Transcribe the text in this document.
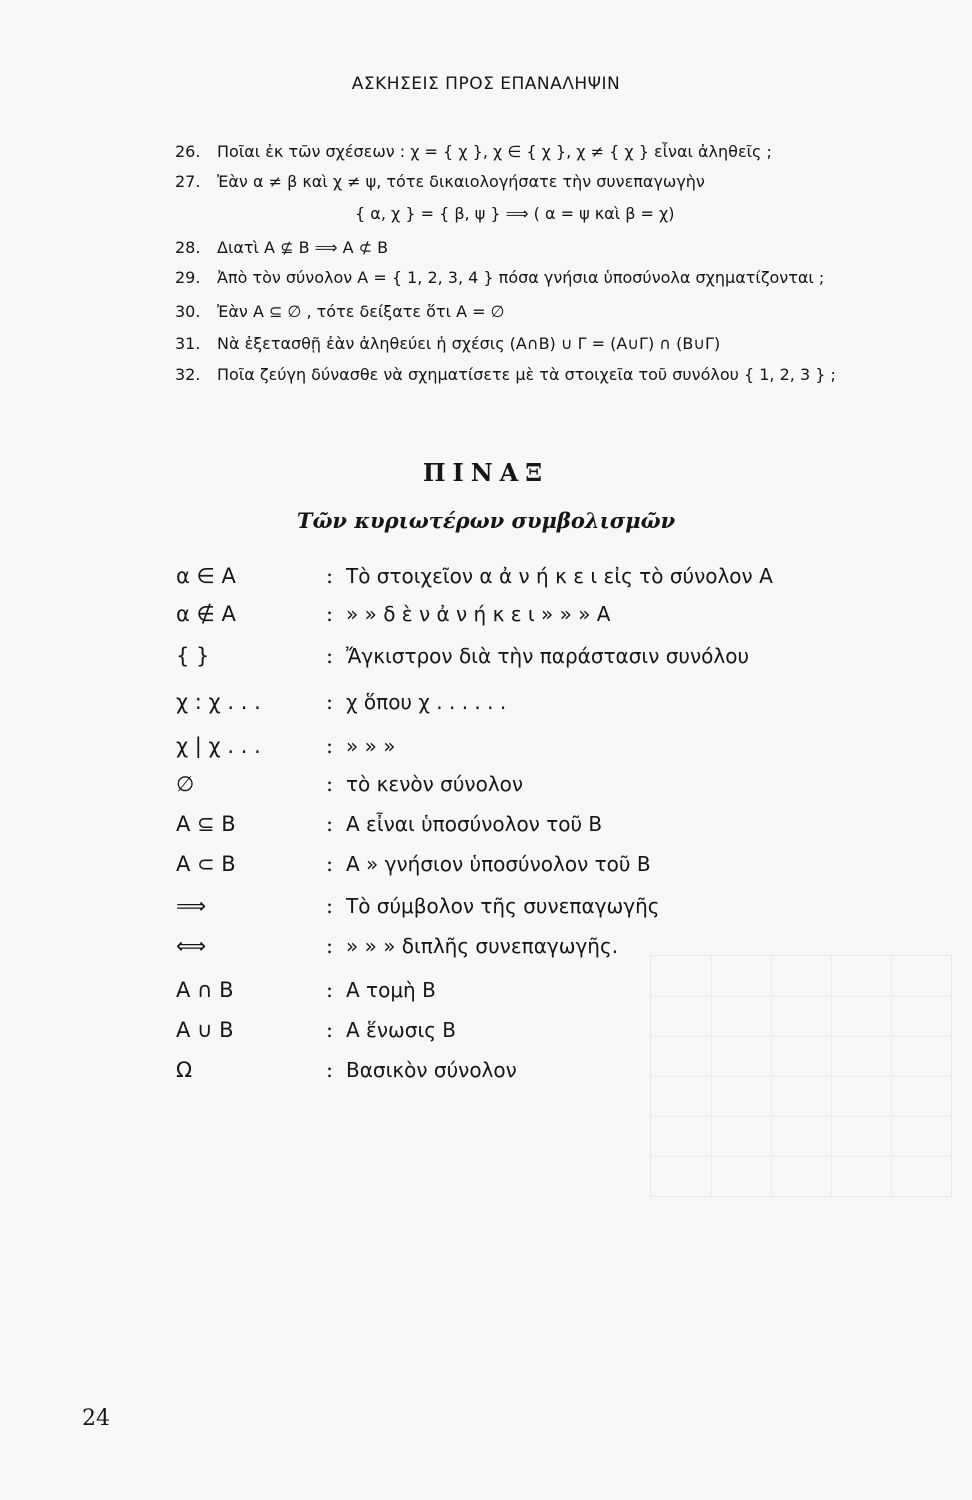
ΑΣΚΗΣΕΙΣ ΠΡΟΣ ΕΠΑΝΑΛΗΨΙΝ
26. Ποῖαι ἐκ τῶν σχέσεων : χ = { χ }, χ ∈ { χ }, χ ≠ { χ } εἶναι ἀληθεῖς ;
27. Ἐὰν α ≠ β καὶ χ ≠ ψ, τότε δικαιολογήσατε τὴν συνεπαγωγὴν
{ α, χ } = { β, ψ } ⟹ ( α = ψ καὶ β = χ)
28. Διατὶ A ⊈ B ⟹ A ⊄ B
29. Ἀπὸ τὸν σύνολον A = { 1, 2, 3, 4 } πόσα γνήσια ὑποσύνολα σχηματίζονται ;
30. Ἐὰν A ⊆ ∅ , τότε δείξατε ὅτι A = ∅
31. Νὰ ἐξετασθῇ ἐὰν ἀληθεύει ἡ σχέσις (A∩B) ∪ Γ = (A∪Γ) ∩ (B∪Γ)
32. Ποῖα ζεύγη δύνασθε νὰ σχηματίσετε μὲ τὰ στοιχεῖα τοῦ συνόλου { 1, 2, 3 } ;
ΠΙΝΑΞ
Τῶν κυριωτέρων συμβολισμῶν
α ∈ A	: Τὸ στοιχεῖον α ἀ ν ή κ ε ι εἰς τὸ σύνολον A
α ∉ A	: » » δ ὲ ν ἀ ν ή κ ε ι » » » A
{ }	: Ἄγκιστρον διὰ τὴν παράστασιν συνόλου
χ : χ . . .	: χ ὅπου χ . . . . . .
χ | χ . . .	: » » »
∅	: τὸ κενὸν σύνολον
A ⊆ B	: A εἶναι ὑποσύνολον τοῦ B
A ⊂ B	: A » γνήσιον ὑποσύνολον τοῦ B
⟹	: Τὸ σύμβολον τῆς συνεπαγωγῆς
⟺	: » » » διπλῆς συνεπαγωγῆς.
A ∩ B	: A τομὴ B
A ∪ B	: A ἕνωσις B
Ω	: Βασικὸν σύνολον
24
